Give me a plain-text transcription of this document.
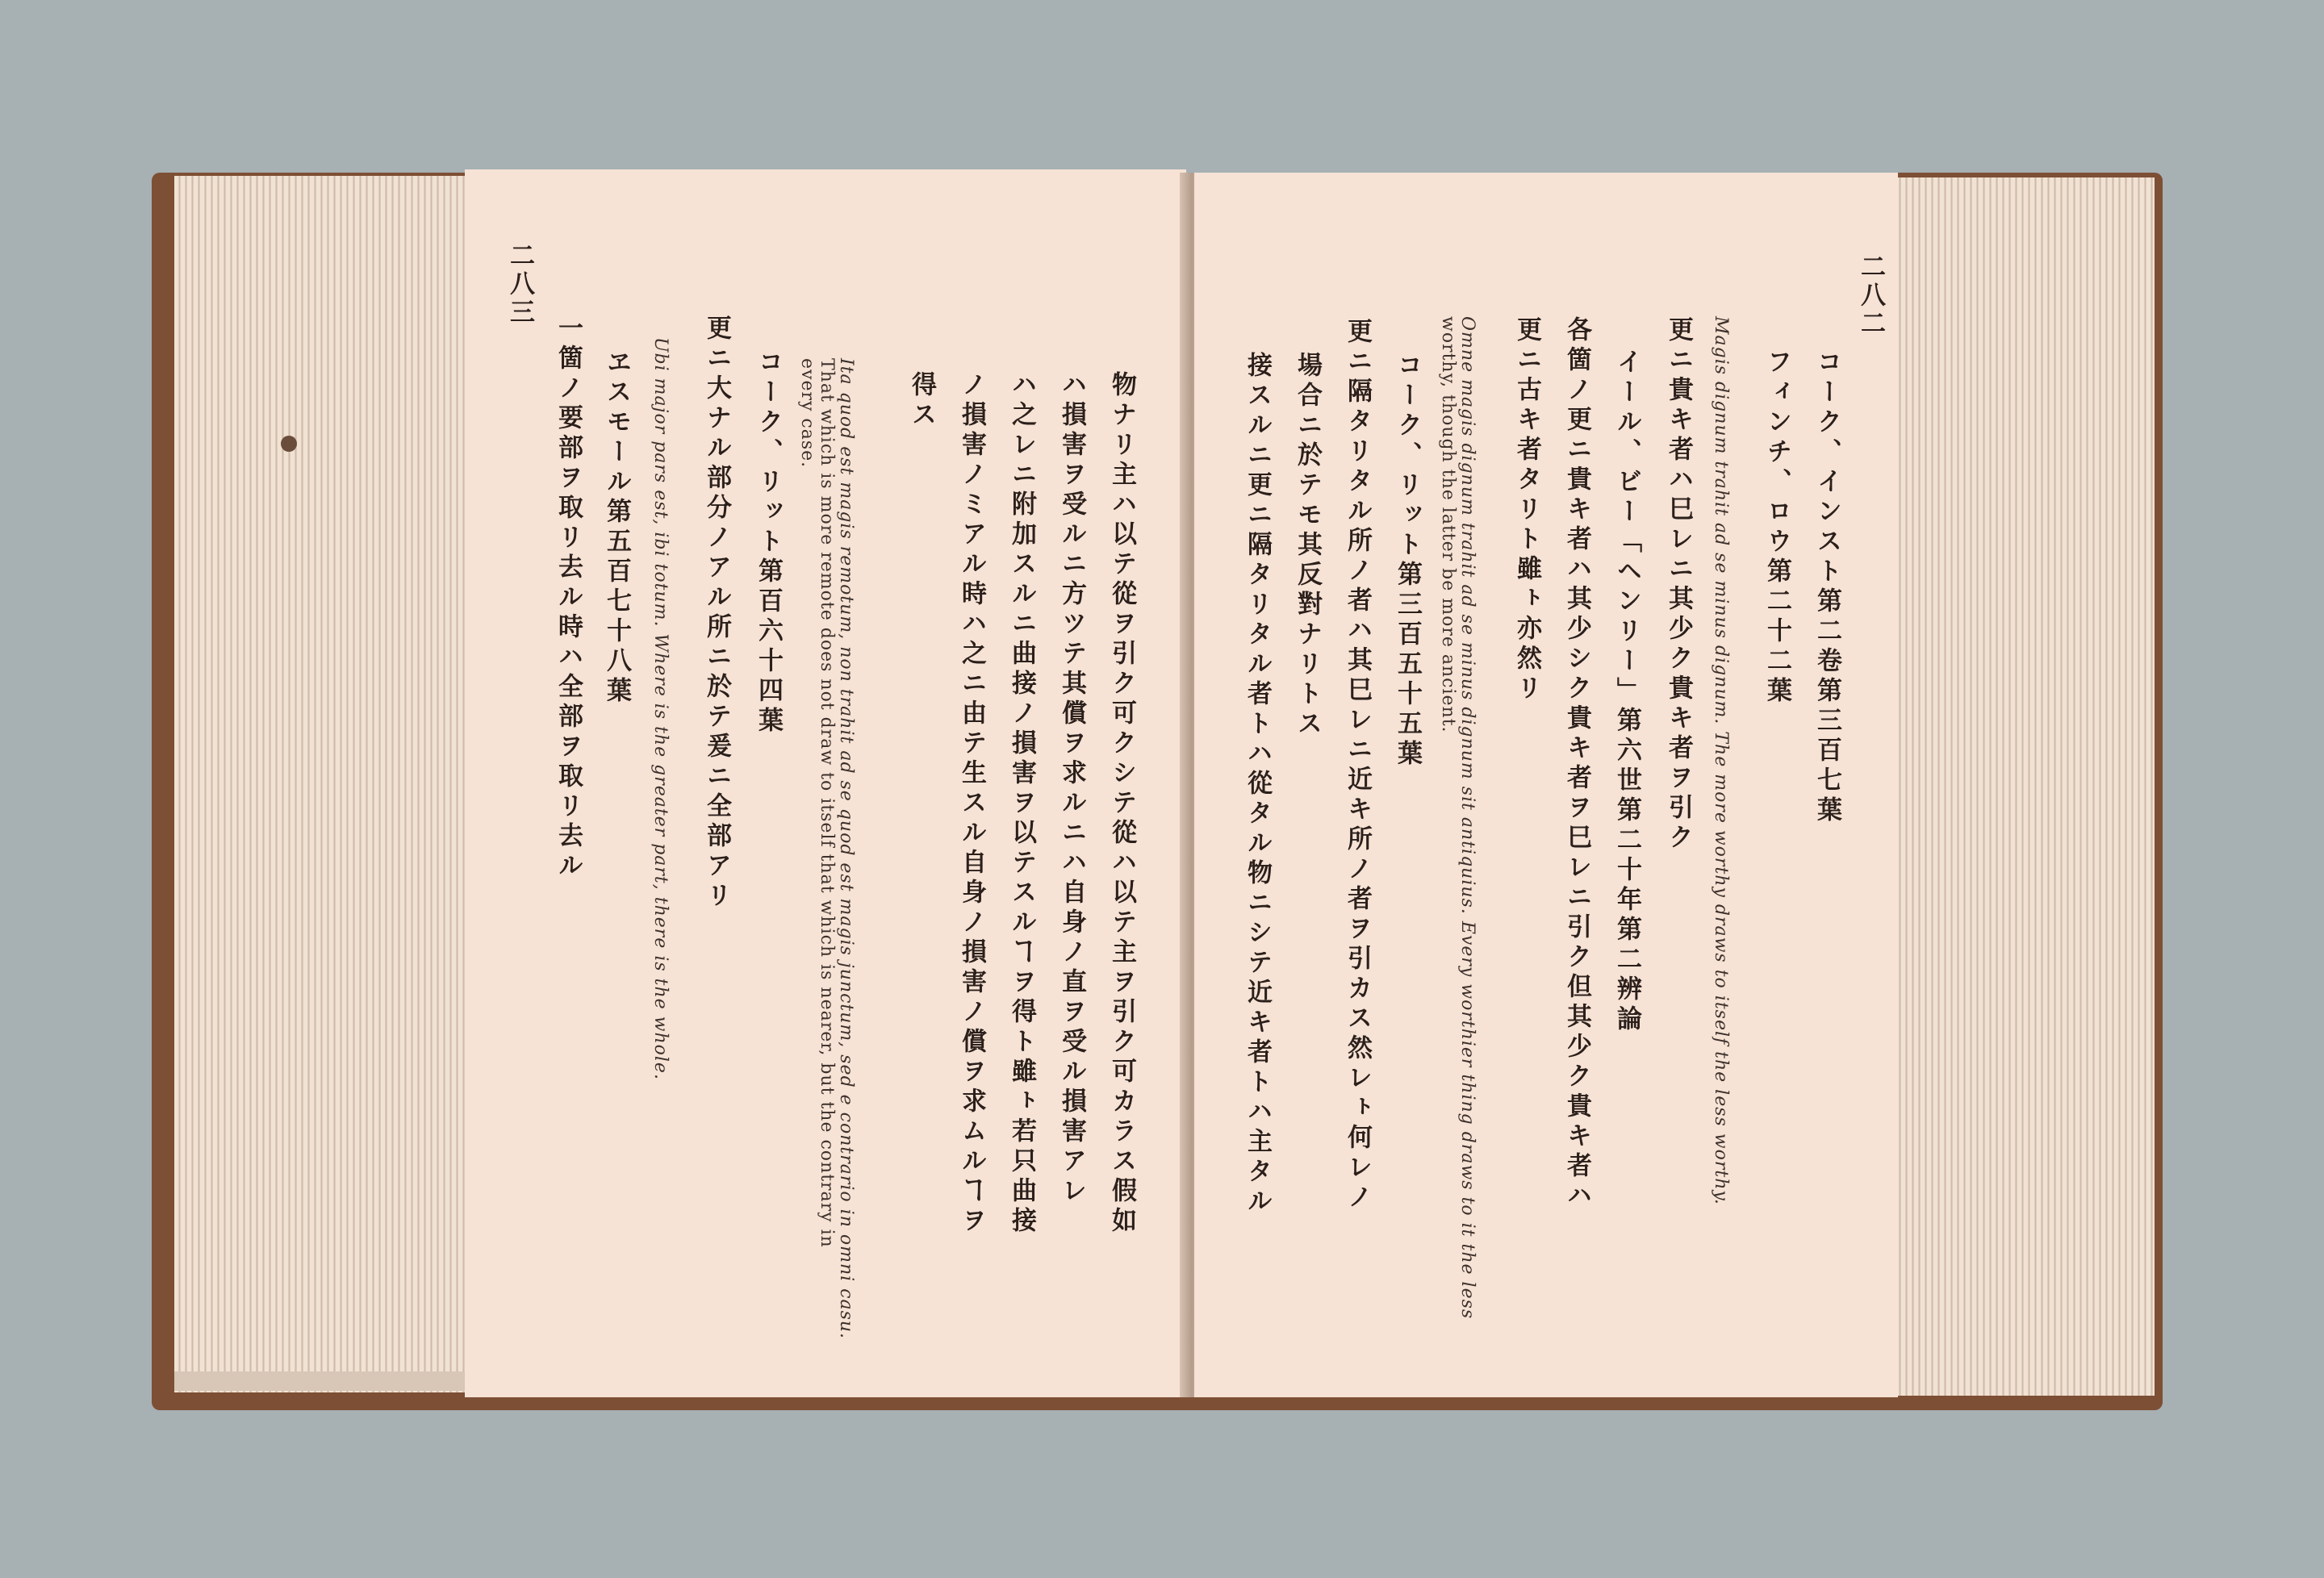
二八三
一箇ノ要部ヲ取リ去ル時ハ全部ヲ取リ去ル ヱスモール第五百七十八葉 Ubi major pars est, ibi totum. Where is the greater part, there is the whole. 更ニ大ナル部分ノアル所ニ於テ爰ニ全部アリ コーク、リット第百六十四葉 every case. That which is more remote does not draw to itself that which is nearer, but the contrary in Ita quod est magis remotum, non trahit ad se quod est magis junctum, sed e contrario in omni casu. 得ス ノ損害ノミアル時ハ之ニ由テ生スル自身ノ損害ノ償ヲ求ムルヿヲ ハ之レニ附加スルニ曲接ノ損害ヲ以テスルヿヲ得ト雖ㇳ若只曲接 ハ損害ヲ受ルニ方ツテ其償ヲ求ルニハ自身ノ直ヲ受ル損害アレ 物ナリ主ハ以テ從ヲ引ク可クシテ從ハ以テ主ヲ引ク可カラス假如	接スルニ更ニ隔タリタル者トハ從タル物ニシテ近キ者トハ主タル 場合ニ於テモ其反對ナリトス 更ニ隔タリタル所ノ者ハ其巳レニ近キ所ノ者ヲ引カス然レㇳ何レノ コーク、リット第三百五十五葉 worthy, though the latter be more ancient. Omne magis dignum trahit ad se minus dignum sit antiquius. Every worthier thing draws to it the less 更ニ古キ者タリト雖ㇳ亦然リ 各箇ノ更ニ貴キ者ハ其少シク貴キ者ヲ巳レニ引ク但其少ク貴キ者ハ イール、ビー「ヘンリー」第六世第二十年第二辨論 更ニ貴キ者ハ巳レニ其少ク貴キ者ヲ引ク Magis dignum trahit ad se minus dignum. The more worthy draws to itself the less worthy. フィンチ、ロウ第二十二葉 コーク、インスト第二卷第三百七葉
二八二
